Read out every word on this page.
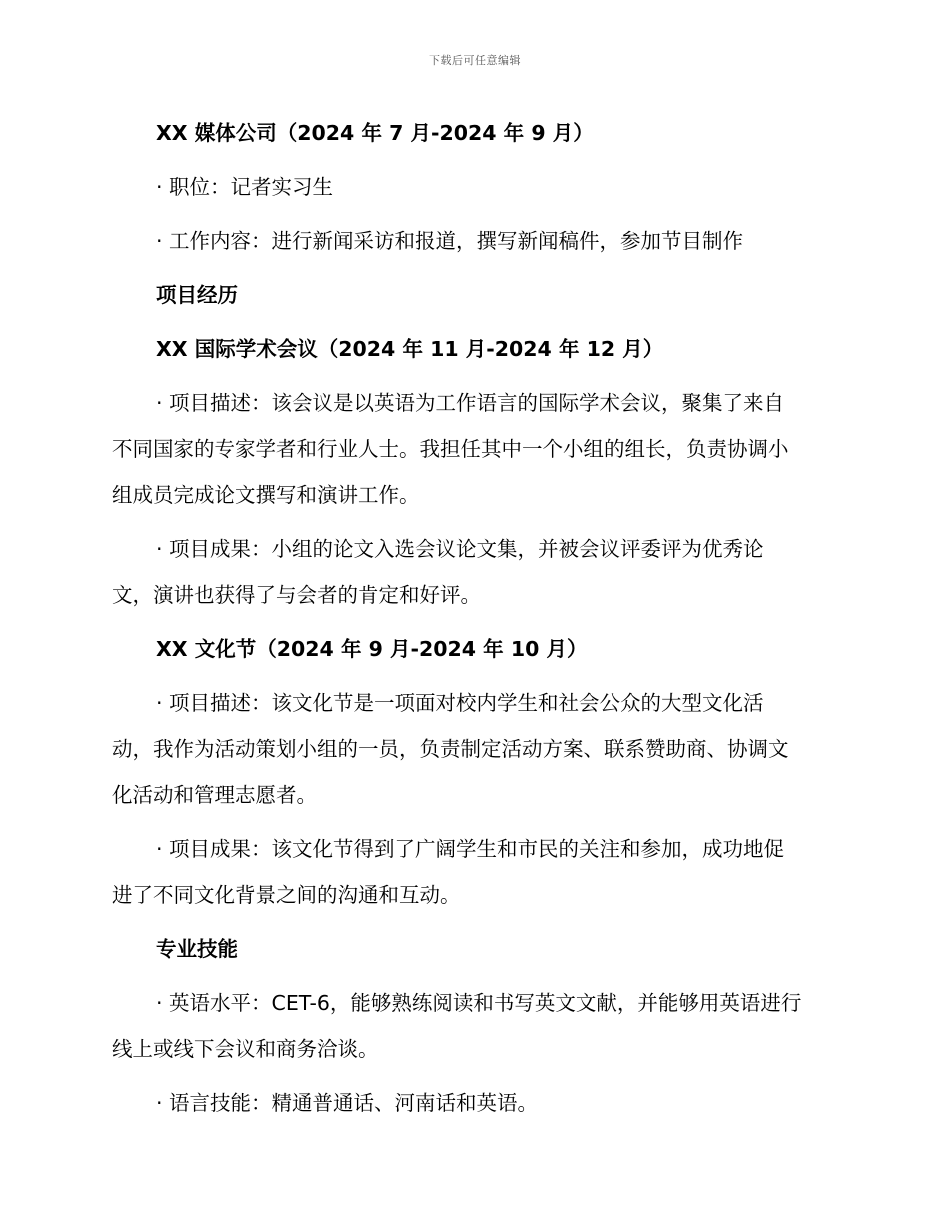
下载后可任意编辑
XX 媒体公司（2024 年 7 月-2024 年 9 月）
· 职位：记者实习生
· 工作内容：进行新闻采访和报道，撰写新闻稿件，参加节目制作
项目经历
XX 国际学术会议（2024 年 11 月-2024 年 12 月）
· 项目描述：该会议是以英语为工作语言的国际学术会议，聚集了来自
不同国家的专家学者和行业人士。我担任其中一个小组的组长，负责协调小
组成员完成论文撰写和演讲工作。
· 项目成果：小组的论文入选会议论文集，并被会议评委评为优秀论
文，演讲也获得了与会者的肯定和好评。
XX 文化节（2024 年 9 月-2024 年 10 月）
· 项目描述：该文化节是一项面对校内学生和社会公众的大型文化活
动，我作为活动策划小组的一员，负责制定活动方案、联系赞助商、协调文
化活动和管理志愿者。
· 项目成果：该文化节得到了广阔学生和市民的关注和参加，成功地促
进了不同文化背景之间的沟通和互动。
专业技能
· 英语水平：CET-6，能够熟练阅读和书写英文文献，并能够用英语进行
线上或线下会议和商务洽谈。
· 语言技能：精通普通话、河南话和英语。
